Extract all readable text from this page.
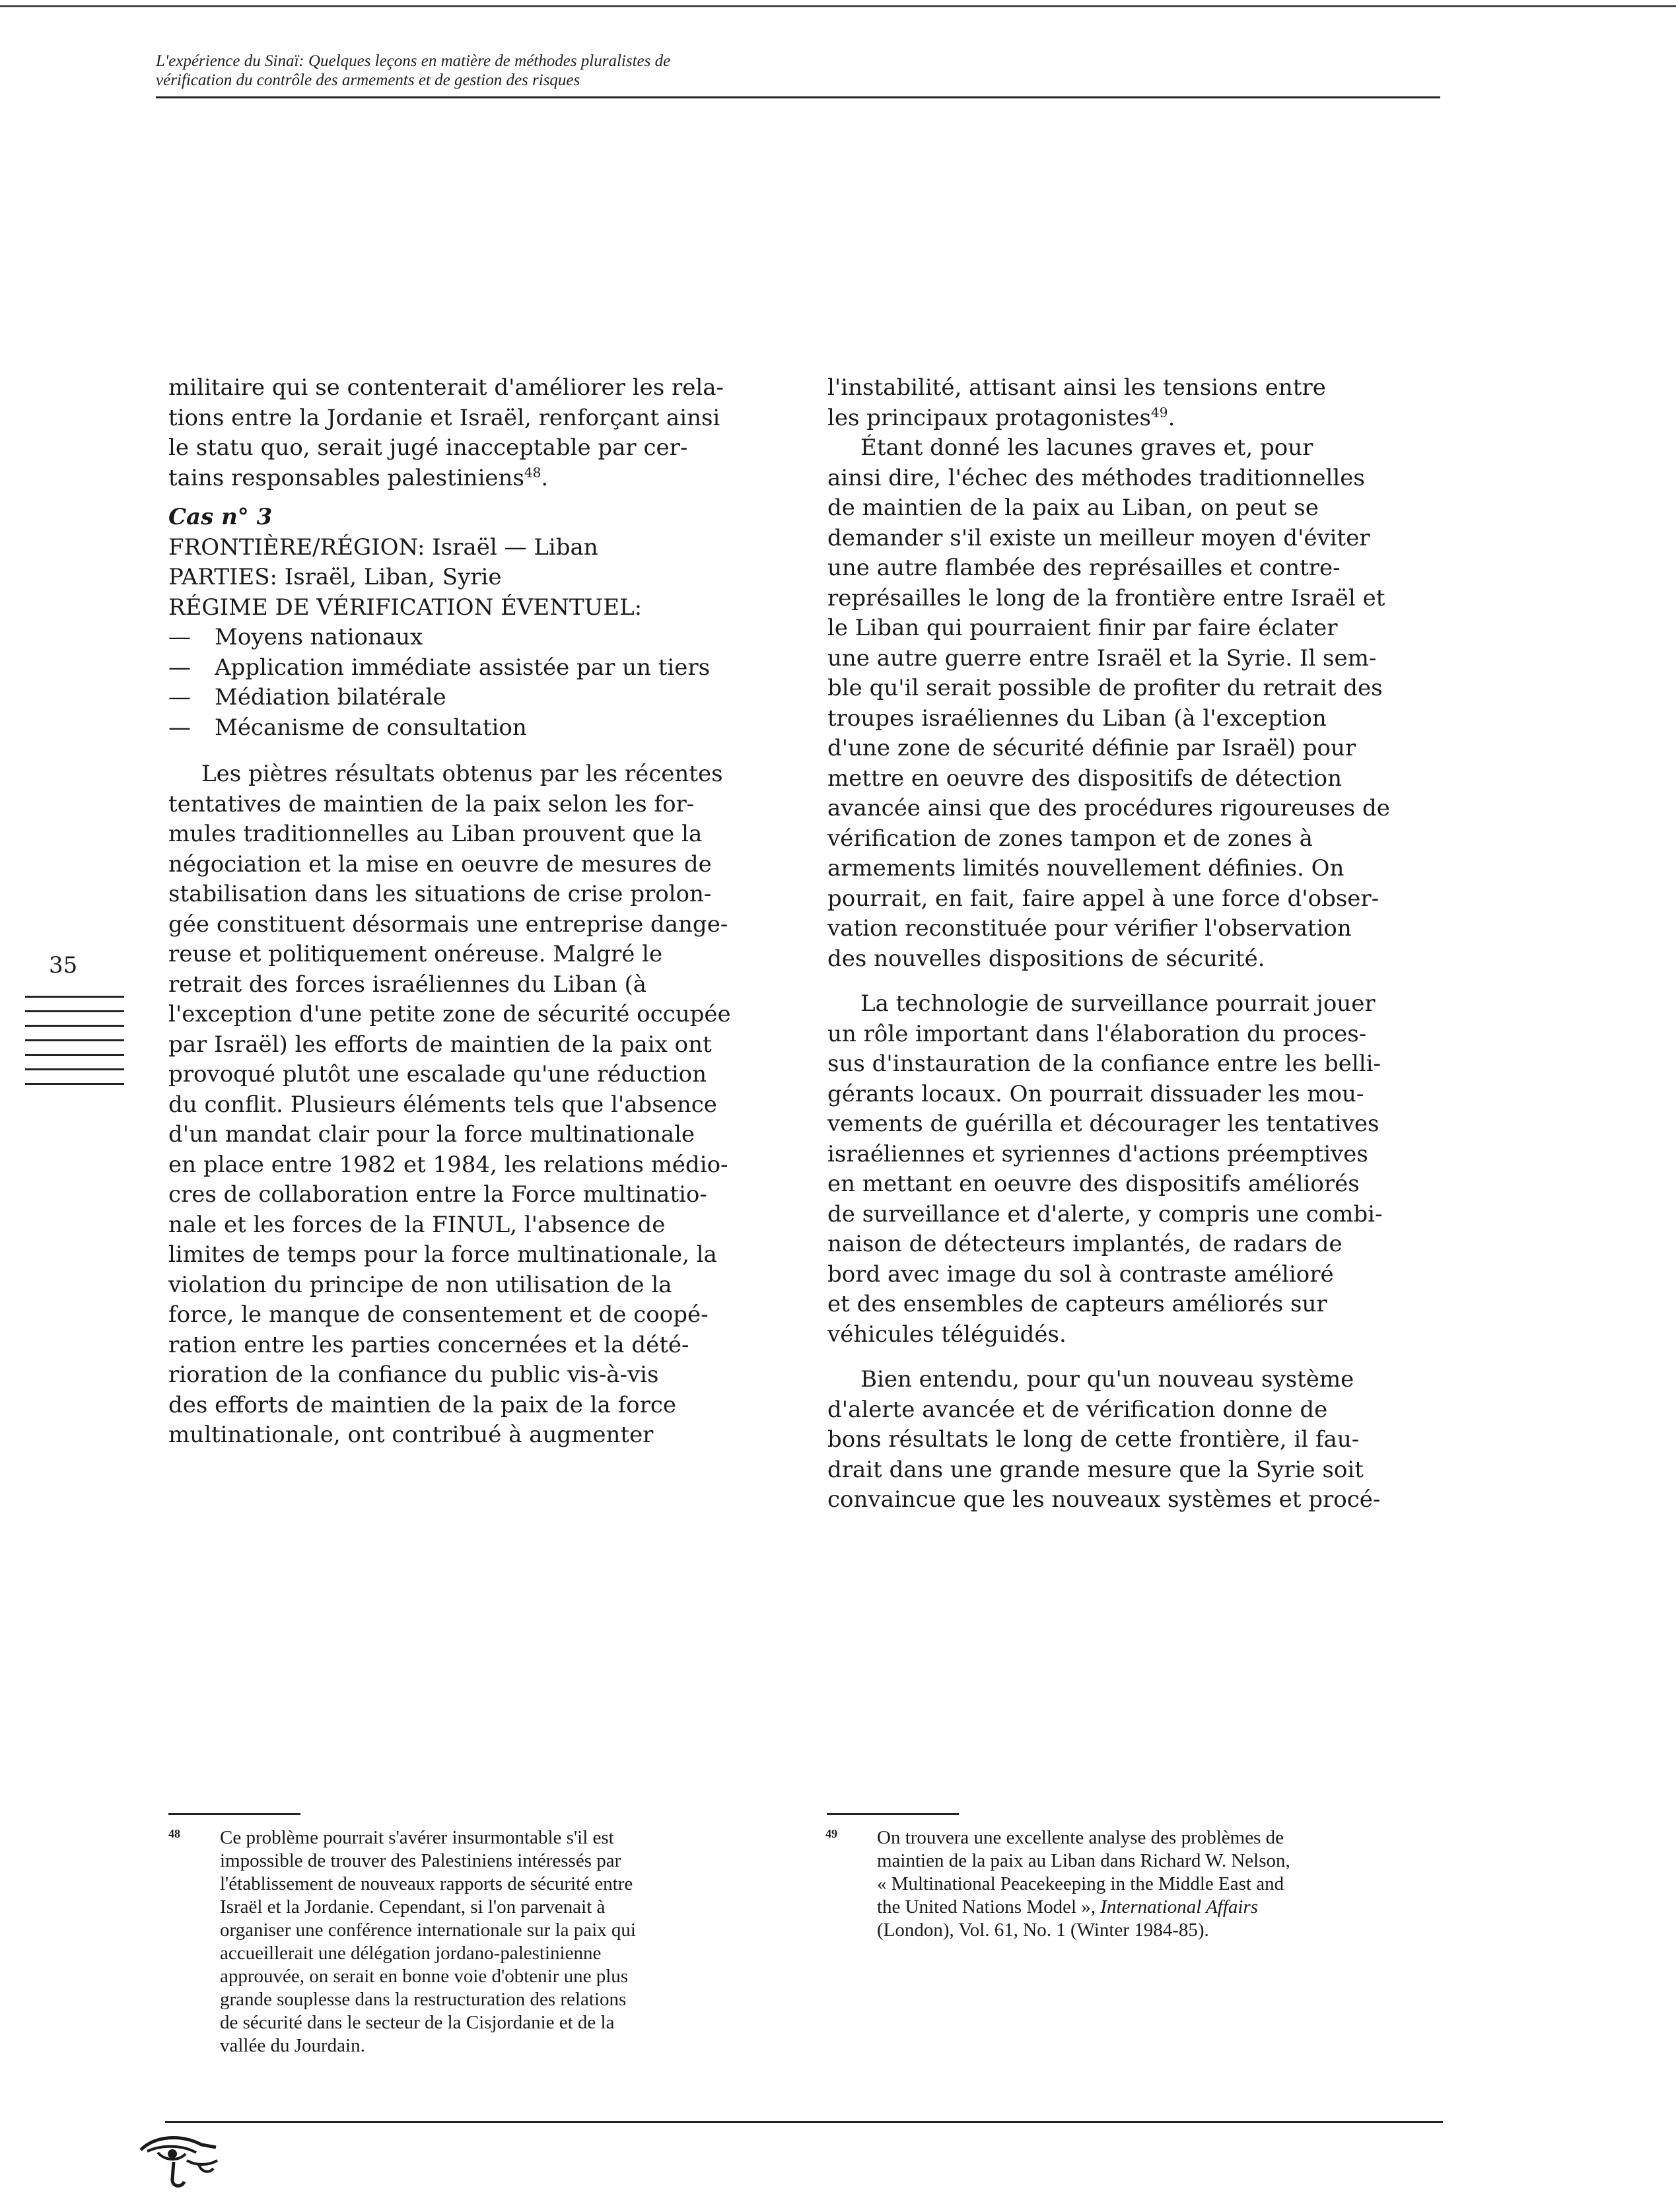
L'expérience du Sinaï: Quelques leçons en matière de méthodes pluralistes de
vérification du contrôle des armements et de gestion des risques
35
militaire qui se contenterait d'améliorer les rela-
tions entre la Jordanie et Israël, renforçant ainsi
le statu quo, serait jugé inacceptable par cer-
tains responsables palestiniens$^{48}$.
Cas n° 3
FRONTIÈRE/RÉGION: Israël — Liban
PARTIES: Israël, Liban, Syrie
RÉGIME DE VÉRIFICATION ÉVENTUEL:
— Moyens nationaux
— Application immédiate assistée par un tiers
— Médiation bilatérale
— Mécanisme de consultation
Les piètres résultats obtenus par les récentes
tentatives de maintien de la paix selon les for-
mules traditionnelles au Liban prouvent que la
négociation et la mise en oeuvre de mesures de
stabilisation dans les situations de crise prolon-
gée constituent désormais une entreprise dange-
reuse et politiquement onéreuse. Malgré le
retrait des forces israéliennes du Liban (à
l'exception d'une petite zone de sécurité occupée
par Israël) les efforts de maintien de la paix ont
provoqué plutôt une escalade qu'une réduction
du conflit. Plusieurs éléments tels que l'absence
d'un mandat clair pour la force multinationale
en place entre 1982 et 1984, les relations médio-
cres de collaboration entre la Force multinatio-
nale et les forces de la FINUL, l'absence de
limites de temps pour la force multinationale, la
violation du principe de non utilisation de la
force, le manque de consentement et de coopé-
ration entre les parties concernées et la dété-
rioration de la confiance du public vis-à-vis
des efforts de maintien de la paix de la force
multinationale, ont contribué à augmenter
l'instabilité, attisant ainsi les tensions entre
les principaux protagonistes$^{49}$.
Étant donné les lacunes graves et, pour
ainsi dire, l'échec des méthodes traditionnelles
de maintien de la paix au Liban, on peut se
demander s'il existe un meilleur moyen d'éviter
une autre flambée des représailles et contre-
représailles le long de la frontière entre Israël et
le Liban qui pourraient finir par faire éclater
une autre guerre entre Israël et la Syrie. Il sem-
ble qu'il serait possible de profiter du retrait des
troupes israéliennes du Liban (à l'exception
d'une zone de sécurité définie par Israël) pour
mettre en oeuvre des dispositifs de détection
avancée ainsi que des procédures rigoureuses de
vérification de zones tampon et de zones à
armements limités nouvellement définies. On
pourrait, en fait, faire appel à une force d'obser-
vation reconstituée pour vérifier l'observation
des nouvelles dispositions de sécurité.
La technologie de surveillance pourrait jouer
un rôle important dans l'élaboration du proces-
sus d'instauration de la confiance entre les belli-
gérants locaux. On pourrait dissuader les mou-
vements de guérilla et décourager les tentatives
israéliennes et syriennes d'actions préemptives
en mettant en oeuvre des dispositifs améliorés
de surveillance et d'alerte, y compris une combi-
naison de détecteurs implantés, de radars de
bord avec image du sol à contraste amélioré
et des ensembles de capteurs améliorés sur
véhicules téléguidés.
Bien entendu, pour qu'un nouveau système
d'alerte avancée et de vérification donne de
bons résultats le long de cette frontière, il fau-
drait dans une grande mesure que la Syrie soit
convaincue que les nouveaux systèmes et procé-
48 Ce problème pourrait s'avérer insurmontable s'il est
impossible de trouver des Palestiniens intéressés par
l'établissement de nouveaux rapports de sécurité entre
Israël et la Jordanie. Cependant, si l'on parvenait à
organiser une conférence internationale sur la paix qui
accueillerait une délégation jordano-palestinienne
approuvée, on serait en bonne voie d'obtenir une plus
grande souplesse dans la restructuration des relations
de sécurité dans le secteur de la Cisjordanie et de la
vallée du Jourdain.
49 On trouvera une excellente analyse des problèmes de
maintien de la paix au Liban dans Richard W. Nelson,
« Multinational Peacekeeping in the Middle East and
the United Nations Model », International Affairs
(London), Vol. 61, No. 1 (Winter 1984-85).
